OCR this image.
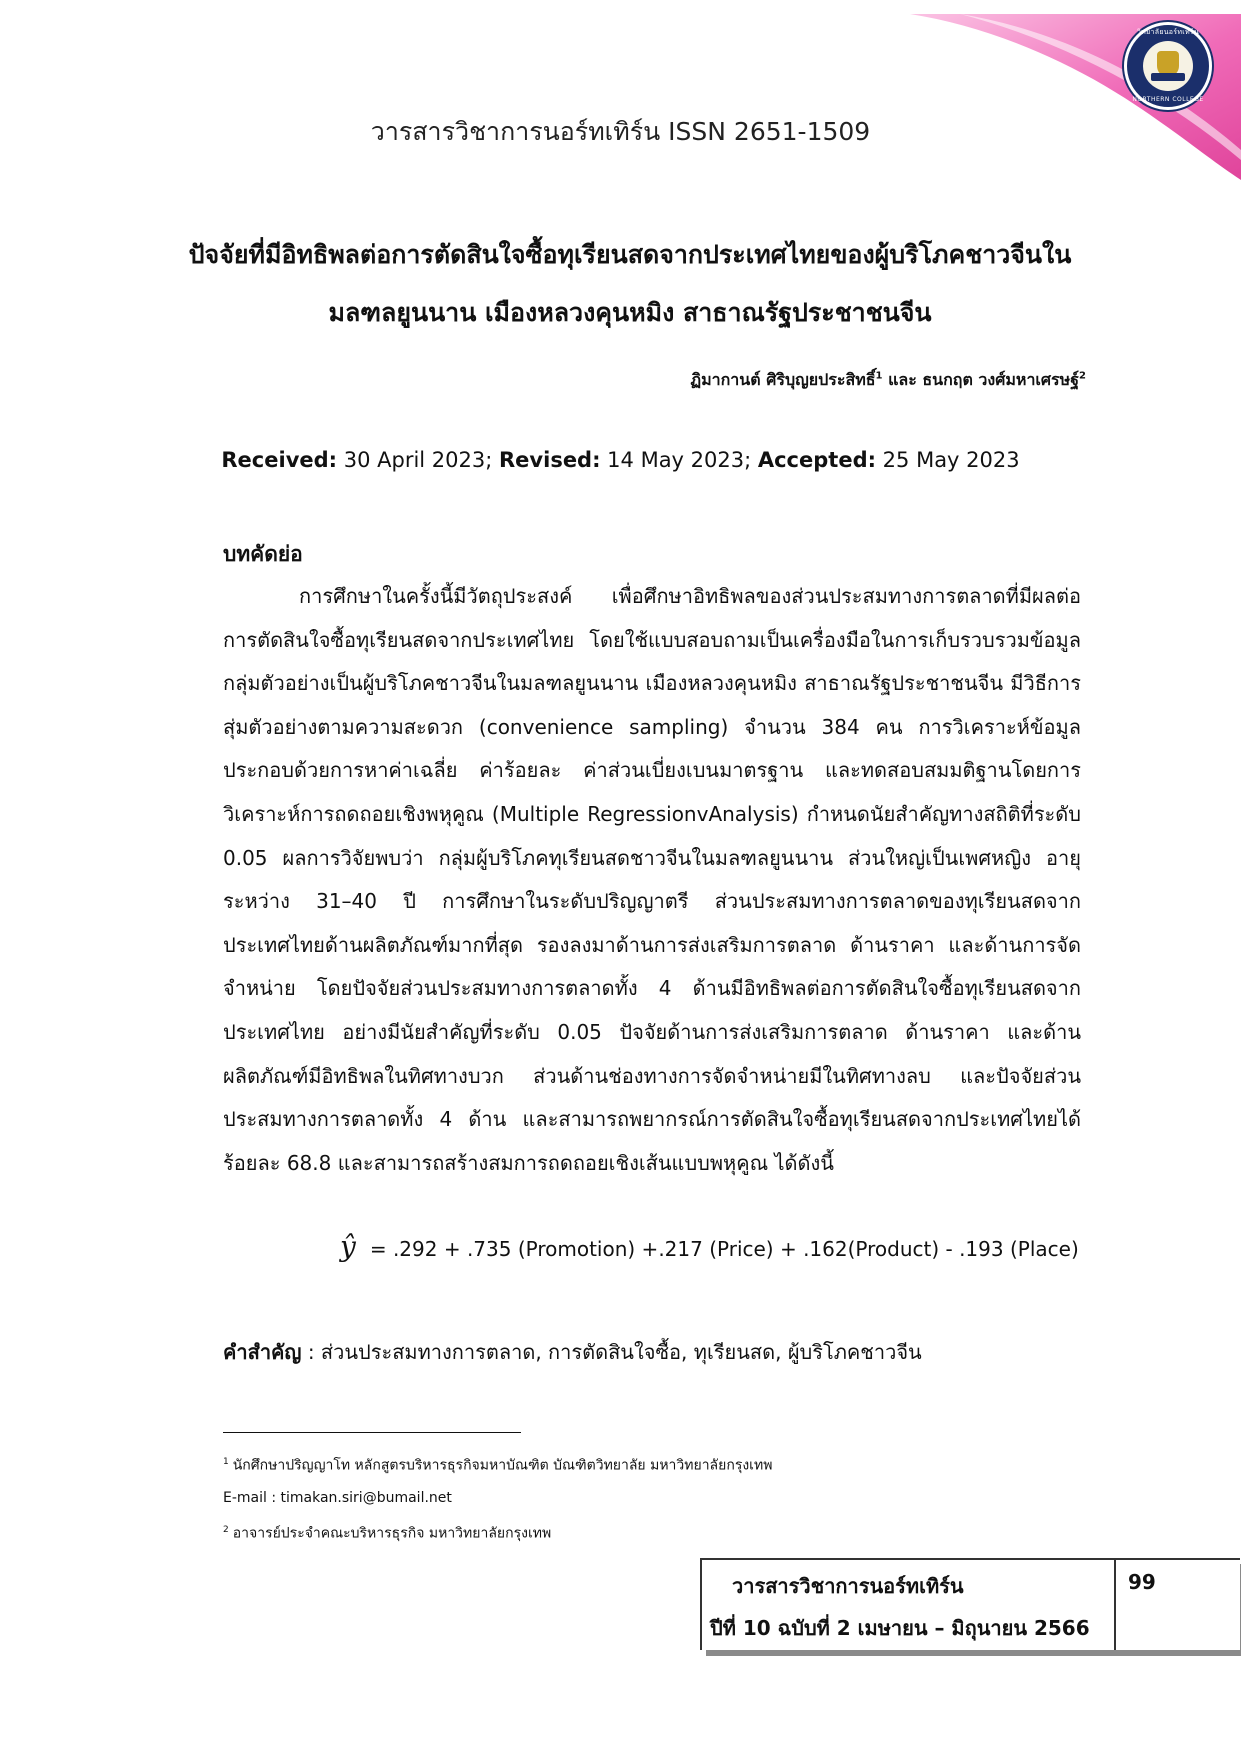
วิทยาลัยนอร์ทเทิร์น
NORTHERN COLLEGE
วารสารวิชาการนอร์ทเทิร์น ISSN 2651-1509
ปัจจัยที่มีอิทธิพลต่อการตัดสินใจซื้อทุเรียนสดจากประเทศไทยของผู้บริโภคชาวจีนใน
มลฑลยูนนาน เมืองหลวงคุนหมิง สาธาณรัฐประชาชนจีน
ฏิมากานต์ ศิริบุญยประสิทธิ์$^1$ และ ธนกฤต วงศ์มหาเศรษฐ์$^2$
Received: 30 April 2023; Revised: 14 May 2023; Accepted: 25 May 2023
บทคัดย่อ

การศึกษาในครั้งนี้มีวัตถุประสงค์ เพื่อศึกษาอิทธิพลของส่วนประสมทางการตลาดที่มีผลต่อการตัดสินใจซื้อทุเรียนสดจากประเทศไทย โดยใช้แบบสอบถามเป็นเครื่องมือในการเก็บรวบรวมข้อมูล กลุ่มตัวอย่างเป็นผู้บริโภคชาวจีนในมลฑลยูนนาน เมืองหลวงคุนหมิง สาธาณรัฐประชาชนจีน มีวิธีการสุ่มตัวอย่างตามความสะดวก (convenience sampling) จำนวน 384 คน การวิเคราะห์ข้อมูลประกอบด้วยการหาค่าเฉลี่ย ค่าร้อยละ ค่าส่วนเบี่ยงเบนมาตรฐาน และทดสอบสมมติฐานโดยการวิเคราะห์การถดถอยเชิงพหุคูณ (Multiple RegressionvAnalysis) กำหนดนัยสำคัญทางสถิติที่ระดับ 0.05 ผลการวิจัยพบว่า กลุ่มผู้บริโภคทุเรียนสดชาวจีนในมลฑลยูนนาน ส่วนใหญ่เป็นเพศหญิง อายุระหว่าง 31–40 ปี การศึกษาในระดับปริญญาตรี ส่วนประสมทางการตลาดของทุเรียนสดจากประเทศไทยด้านผลิตภัณฑ์มากที่สุด รองลงมาด้านการส่งเสริมการตลาด ด้านราคา และด้านการจัดจำหน่าย โดยปัจจัยส่วนประสมทางการตลาดทั้ง 4 ด้านมีอิทธิพลต่อการตัดสินใจซื้อทุเรียนสดจากประเทศไทย อย่างมีนัยสำคัญที่ระดับ 0.05 ปัจจัยด้านการส่งเสริมการตลาด ด้านราคา และด้านผลิตภัณฑ์มีอิทธิพลในทิศทางบวก ส่วนด้านช่องทางการจัดจำหน่ายมีในทิศทางลบ และปัจจัยส่วนประสมทางการตลาดทั้ง 4 ด้าน และสามารถพยากรณ์การตัดสินใจซื้อทุเรียนสดจากประเทศไทยได้ร้อยละ 68.8 และสามารถสร้างสมการถดถอยเชิงเส้นแบบพหุคูณ ได้ดังนี้

ŷ = .292 + .735 (Promotion) +.217 (Price) + .162(Product) - .193 (Place)
คำสำคัญ : ส่วนประสมทางการตลาด, การตัดสินใจซื้อ, ทุเรียนสด, ผู้บริโภคชาวจีน
$^1$ นักศึกษาปริญญาโท หลักสูตรบริหารธุรกิจมหาบัณฑิต บัณฑิตวิทยาลัย มหาวิทยาลัยกรุงเทพ
E-mail : timakan.siri@bumail.net
$^2$ อาจารย์ประจำคณะบริหารธุรกิจ มหาวิทยาลัยกรุงเทพ
วารสารวิชาการนอร์ทเทิร์น
ปีที่ 10 ฉบับที่ 2 เมษายน – มิถุนายน 2566
99
